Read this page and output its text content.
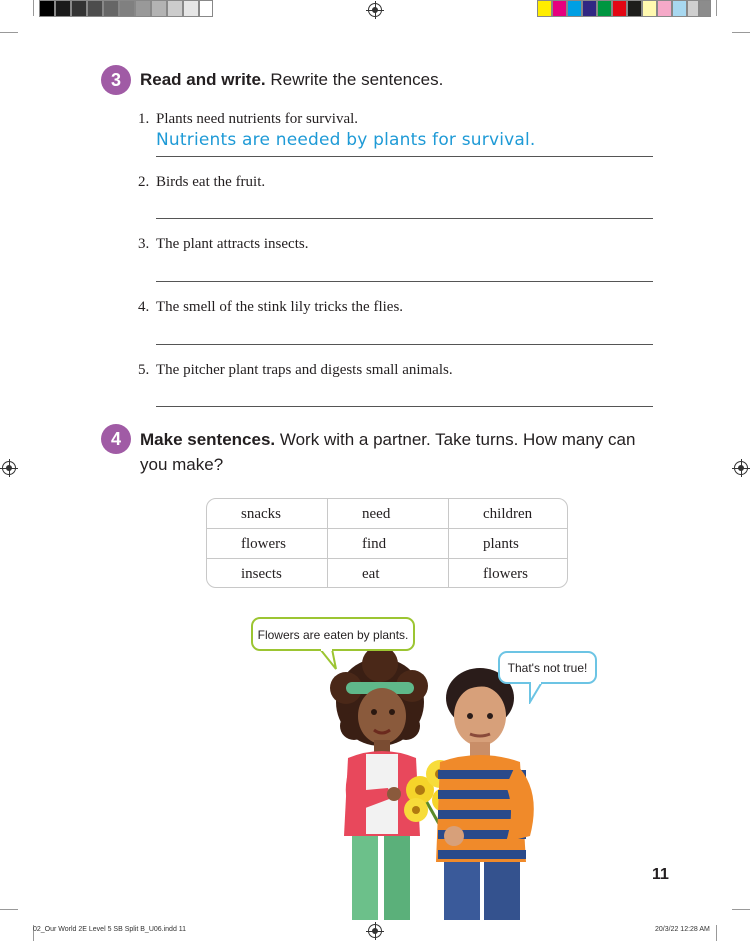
3	Read and write. Rewrite the sentences.
1. Plants need nutrients for survival.
Nutrients are needed by plants for survival.
2. Birds eat the fruit.
3. The plant attracts insects.
4. The smell of the stink lily tricks the flies.
5. The pitcher plant traps and digests small animals.
4	Make sentences. Work with a partner. Take turns. How many can
you make?
snacks	need	children
flowers	find	plants
insects	eat	flowers
Flowers are eaten by plants.
That's not true!
11
02_Our World 2E Level 5 SB Split B_U06.indd 11	20/3/22 12:28 AM
